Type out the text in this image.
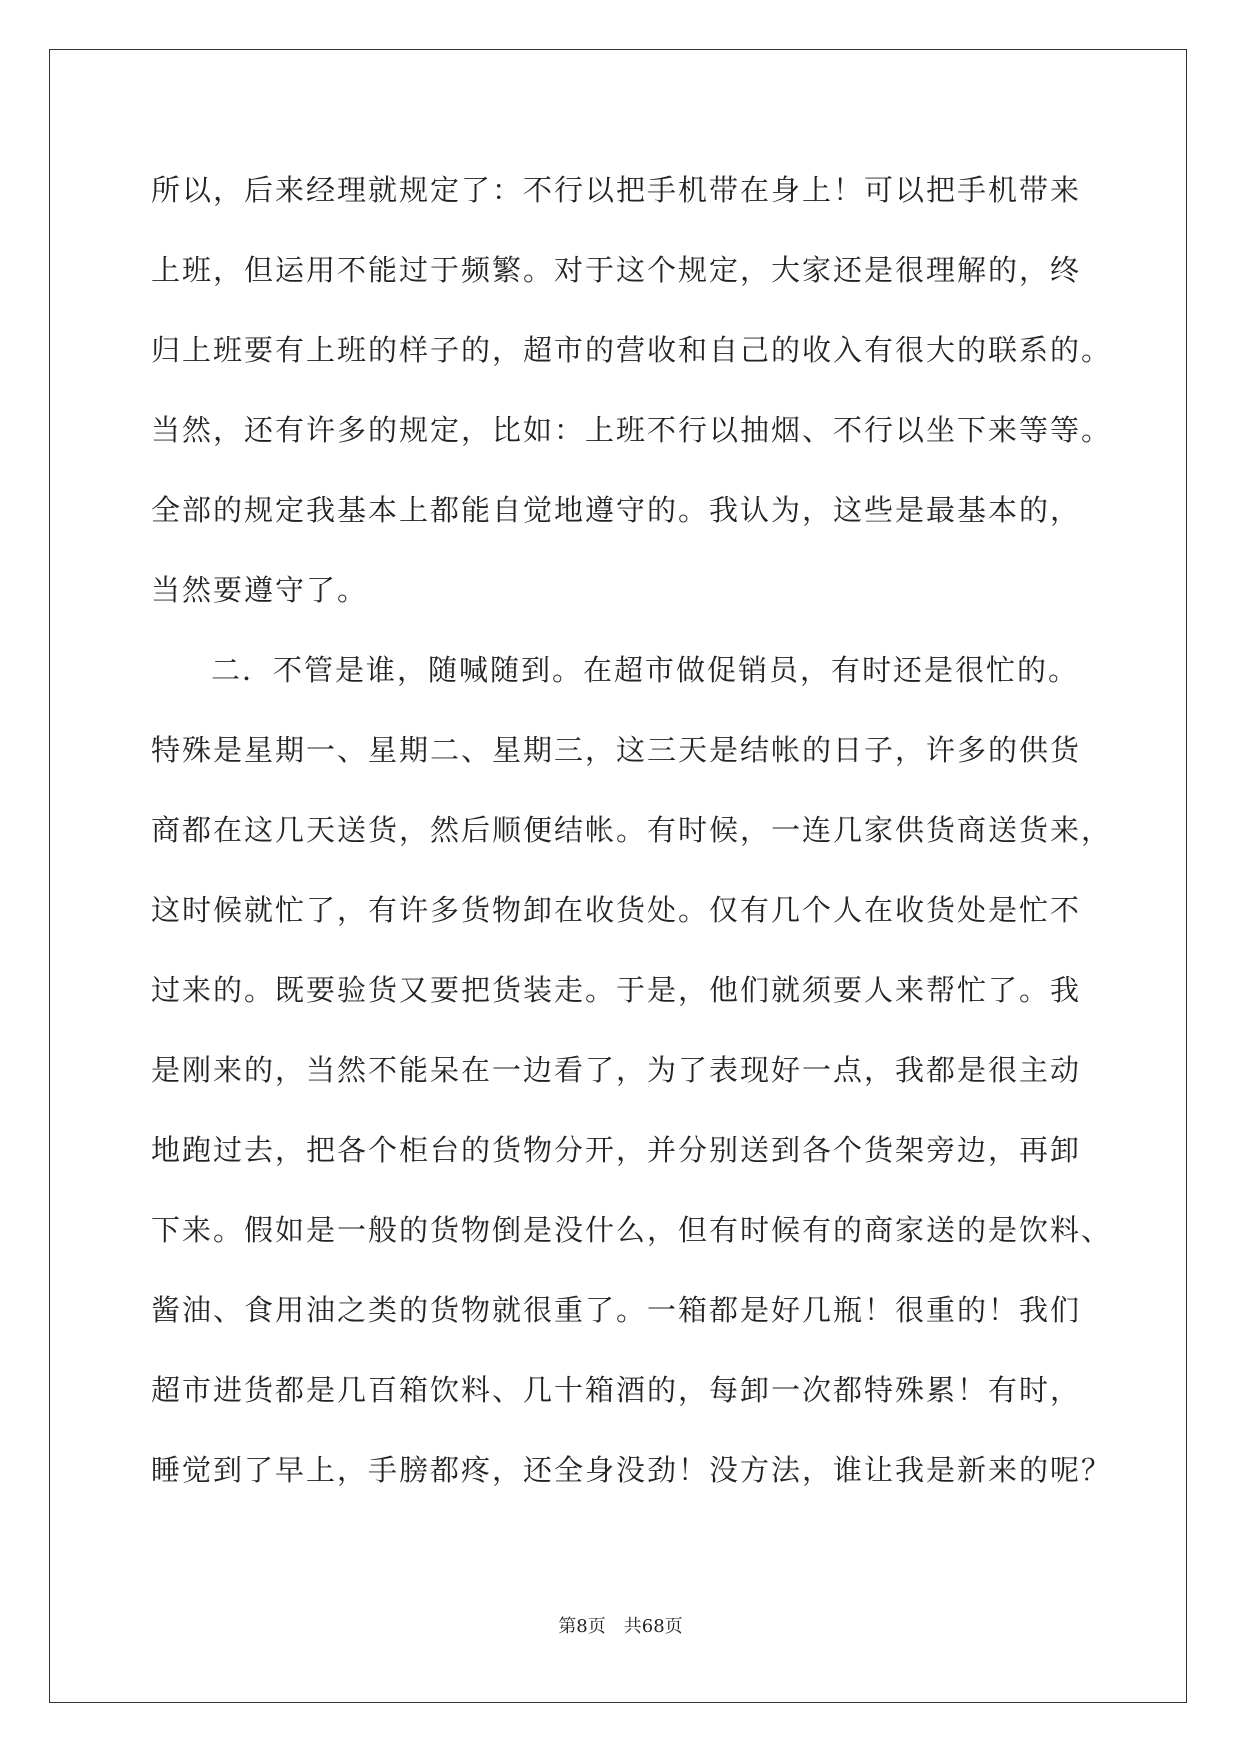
所以，后来经理就规定了：不行以把手机带在身上！可以把手机带来
上班，但运用不能过于频繁。对于这个规定，大家还是很理解的，终
归上班要有上班的样子的，超市的营收和自己的收入有很大的联系的。
当然，还有许多的规定，比如：上班不行以抽烟、不行以坐下来等等。
全部的规定我基本上都能自觉地遵守的。我认为，这些是最基本的，
当然要遵守了。
二．不管是谁，随喊随到。在超市做促销员，有时还是很忙的。
特殊是星期一、星期二、星期三，这三天是结帐的日子，许多的供货
商都在这几天送货，然后顺便结帐。有时候，一连几家供货商送货来，
这时候就忙了，有许多货物卸在收货处。仅有几个人在收货处是忙不
过来的。既要验货又要把货装走。于是，他们就须要人来帮忙了。我
是刚来的，当然不能呆在一边看了，为了表现好一点，我都是很主动
地跑过去，把各个柜台的货物分开，并分别送到各个货架旁边，再卸
下来。假如是一般的货物倒是没什么，但有时候有的商家送的是饮料、
酱油、食用油之类的货物就很重了。一箱都是好几瓶！很重的！我们
超市进货都是几百箱饮料、几十箱酒的，每卸一次都特殊累！有时，
睡觉到了早上，手膀都疼，还全身没劲！没方法，谁让我是新来的呢？
第8页 共68页
